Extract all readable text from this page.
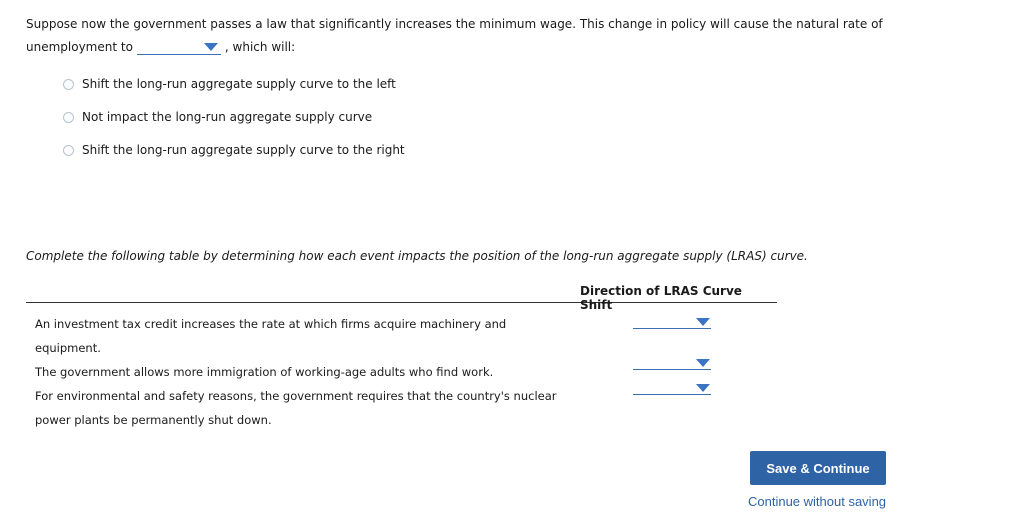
Suppose now the government passes a law that significantly increases the minimum wage. This change in policy will cause the natural rate of
unemployment to	, which will:
Shift the long-run aggregate supply curve to the left
Not impact the long-run aggregate supply curve
Shift the long-run aggregate supply curve to the right
Complete the following table by determining how each event impacts the position of the long-run aggregate supply (LRAS) curve.
Direction of LRAS Curve Shift
An investment tax credit increases the rate at which firms acquire machinery and
equipment.
The government allows more immigration of working-age adults who find work.
For environmental and safety reasons, the government requires that the country's nuclear
power plants be permanently shut down.
Save & Continue
Continue without saving
